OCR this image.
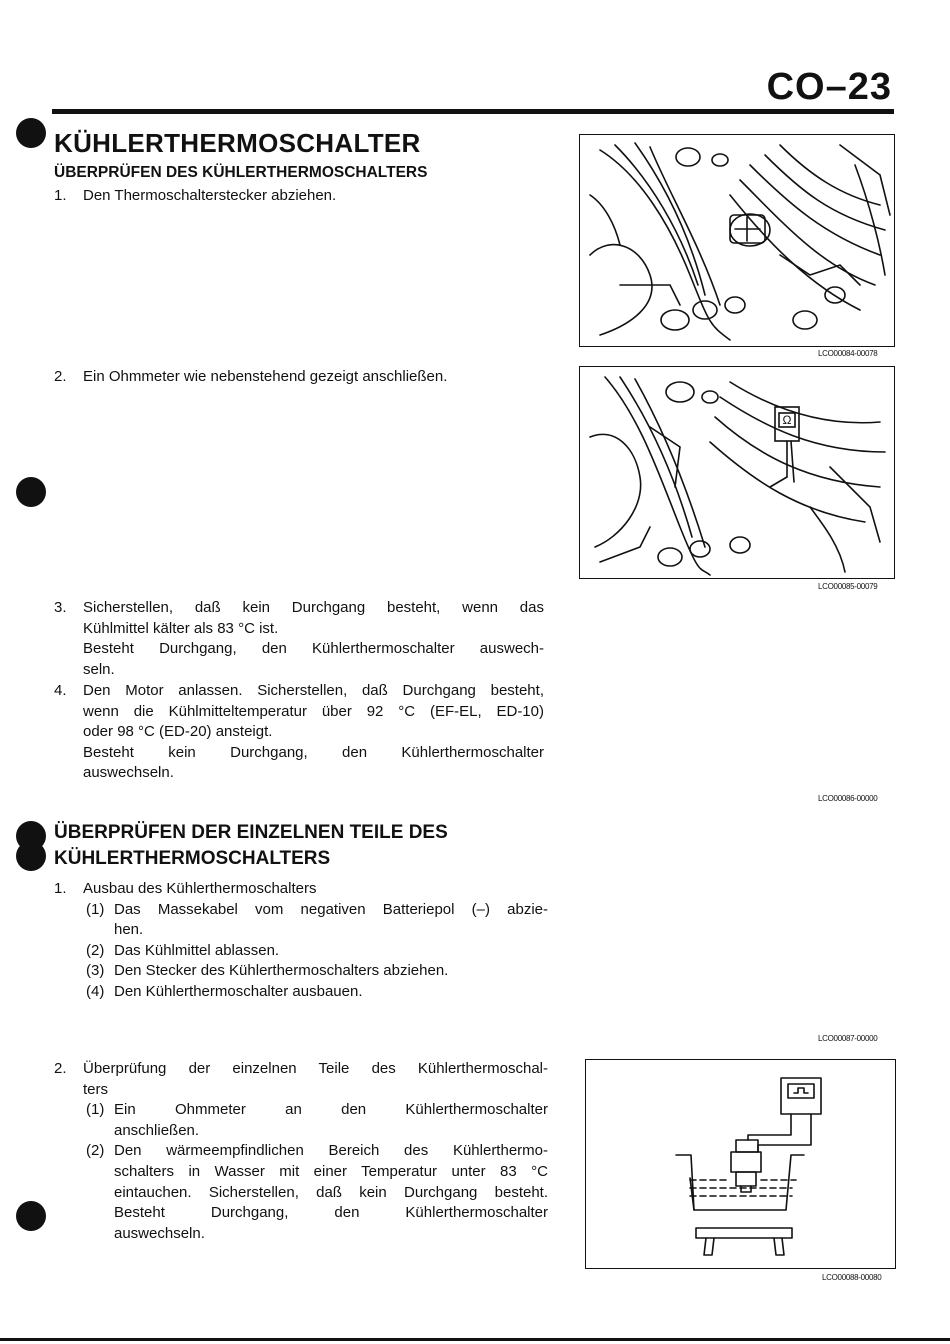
CO–23
KÜHLERTHERMOSCHALTER
ÜBERPRÜFEN DES KÜHLERTHERMOSCHALTERS
1. Den Thermoschalterstecker abziehen.
2. Ein Ohmmeter wie nebenstehend gezeigt anschließen.
3. Sicherstellen, daß kein Durchgang besteht, wenn das
Kühlmittel kälter als 83 °C ist.
Besteht Durchgang, den Kühlerthermoschalter auswech-
seln.
4. Den Motor anlassen. Sicherstellen, daß Durchgang besteht,
wenn die Kühlmitteltemperatur über 92 °C (EF-EL, ED-10)
oder 98 °C (ED-20) ansteigt.
Besteht kein Durchgang, den Kühlerthermoschalter
auswechseln.
ÜBERPRÜFEN DER EINZELNEN TEILE DES
KÜHLERTHERMOSCHALTERS
1. Ausbau des Kühlerthermoschalters
(1) Das Massekabel vom negativen Batteriepol (–) abzie-
hen.
(2) Das Kühlmittel ablassen.
(3) Den Stecker des Kühlerthermoschalters abziehen.
(4) Den Kühlerthermoschalter ausbauen.
2. Überprüfung der einzelnen Teile des Kühlerthermoschal-
ters
(1) Ein Ohmmeter an den Kühlerthermoschalter
anschließen.
(2) Den wärmeempfindlichen Bereich des Kühlerthermo-
schalters in Wasser mit einer Temperatur unter 83 °C
eintauchen. Sicherstellen, daß kein Durchgang besteht.
Besteht Durchgang, den Kühlerthermoschalter
auswechseln.
LCO00084-00078
Ω
LCO00085-00079
LCO00086-00000
LCO00087-00000
LCO00088-00080
